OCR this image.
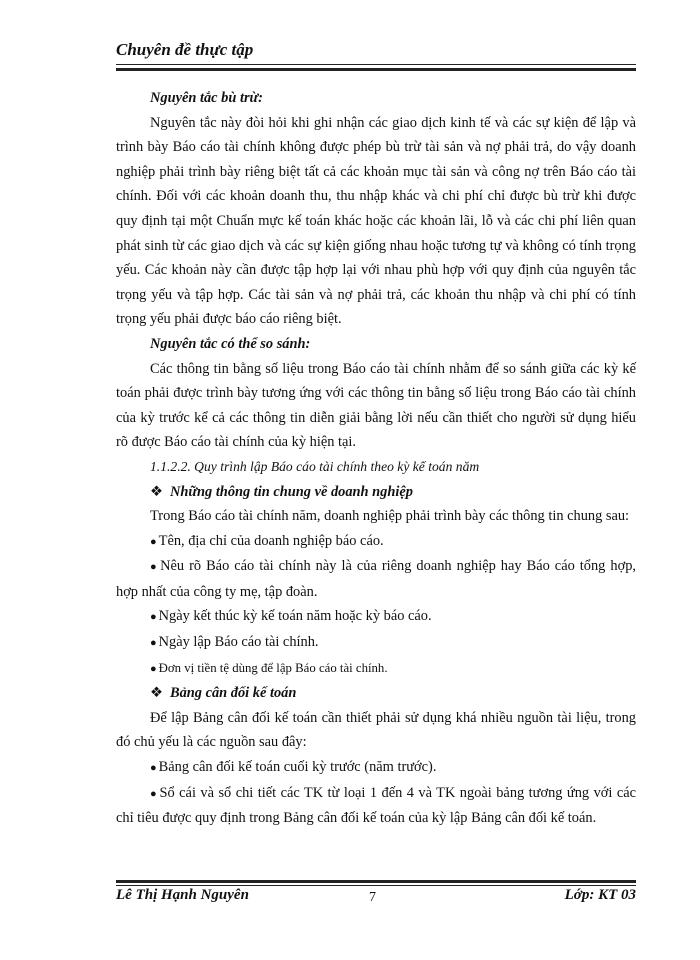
Chuyên đề thực tập

Nguyên tắc bù trừ:

Nguyên tắc này đòi hỏi khi ghi nhận các giao dịch kinh tế và các sự kiện để lập và trình bày Báo cáo tài chính không được phép bù trừ tài sản và nợ phải trả, do vậy doanh nghiệp phải trình bày riêng biệt tất cả các khoản mục tài sản và công nợ trên Báo cáo tài chính. Đối với các khoản doanh thu, thu nhập khác và chi phí chỉ được bù trừ khi được quy định tại một Chuẩn mực kế toán khác hoặc các khoản lãi, lỗ và các chi phí liên quan phát sinh từ các giao dịch và các sự kiện giống nhau hoặc tương tự và không có tính trọng yếu. Các khoản này cần được tập hợp lại với nhau phù hợp với quy định của nguyên tắc trọng yếu và tập hợp. Các tài sản và nợ phải trả, các khoản thu nhập và chi phí có tính trọng yếu phải được báo cáo riêng biệt.

Nguyên tắc có thể so sánh:

Các thông tin bằng số liệu trong Báo cáo tài chính nhằm để so sánh giữa các kỳ kế toán phải được trình bày tương ứng với các thông tin bằng số liệu trong Báo cáo tài chính của kỳ trước kể cả các thông tin diễn giải bằng lời nếu cần thiết cho người sử dụng hiểu rõ được Báo cáo tài chính của kỳ hiện tại.

1.1.2.2. Quy trình lập Báo cáo tài chính theo kỳ kế toán năm

❖ Những thông tin chung về doanh nghiệp

Trong Báo cáo tài chính năm, doanh nghiệp phải trình bày các thông tin chung sau:

● Tên, địa chỉ của doanh nghiệp báo cáo.

● Nêu rõ Báo cáo tài chính này là của riêng doanh nghiệp hay Báo cáo tổng hợp, hợp nhất của công ty mẹ, tập đoàn.

● Ngày kết thúc kỳ kế toán năm hoặc kỳ báo cáo.

● Ngày lập Báo cáo tài chính.

● Đơn vị tiền tệ dùng để lập Báo cáo tài chính.

❖ Bảng cân đối kế toán

Để lập Bảng cân đối kế toán cần thiết phải sử dụng khá nhiều nguồn tài liệu, trong đó chủ yếu là các nguồn sau đây:

● Bảng cân đối kế toán cuối kỳ trước (năm trước).

● Sổ cái và sổ chi tiết các TK từ loại 1 đến 4 và TK ngoài bảng tương ứng với các chỉ tiêu được quy định trong Bảng cân đối kế toán của kỳ lập Bảng cân đối kế toán.

Lê Thị Hạnh Nguyên	7	Lớp: KT 03
